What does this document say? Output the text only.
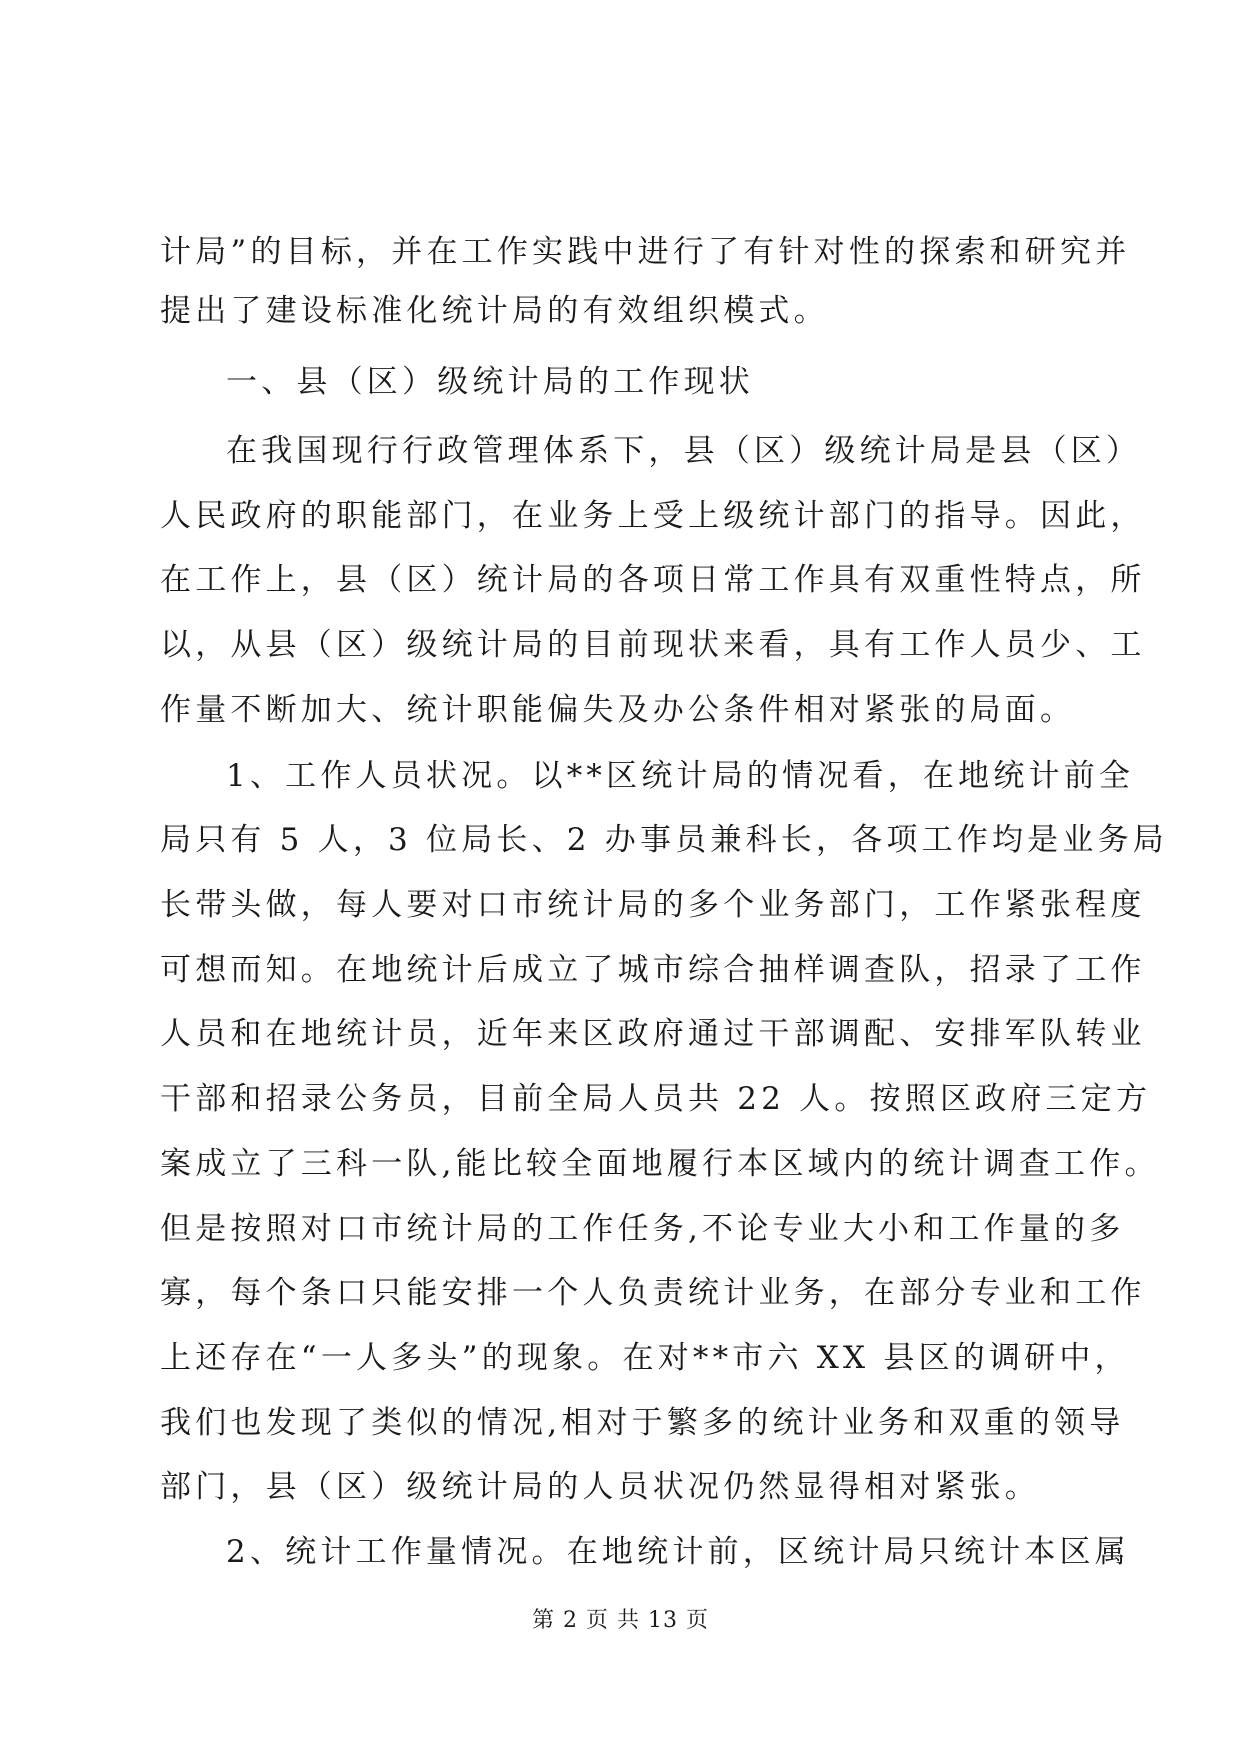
计局”的目标，并在工作实践中进行了有针对性的探索和研究并
提出了建设标准化统计局的有效组织模式。
一、县（区）级统计局的工作现状
在我国现行行政管理体系下，县（区）级统计局是县（区）
人民政府的职能部门，在业务上受上级统计部门的指导。因此，
在工作上，县（区）统计局的各项日常工作具有双重性特点，所
以，从县（区）级统计局的目前现状来看，具有工作人员少、工
作量不断加大、统计职能偏失及办公条件相对紧张的局面。
1、工作人员状况。以**区统计局的情况看，在地统计前全
局只有 5 人，3 位局长、2 办事员兼科长，各项工作均是业务局
长带头做，每人要对口市统计局的多个业务部门，工作紧张程度
可想而知。在地统计后成立了城市综合抽样调查队，招录了工作
人员和在地统计员，近年来区政府通过干部调配、安排军队转业
干部和招录公务员，目前全局人员共 22 人。按照区政府三定方
案成立了三科一队,能比较全面地履行本区域内的统计调查工作。
但是按照对口市统计局的工作任务,不论专业大小和工作量的多
寡，每个条口只能安排一个人负责统计业务，在部分专业和工作
上还存在“一人多头”的现象。在对**市六 XX 县区的调研中，
我们也发现了类似的情况,相对于繁多的统计业务和双重的领导
部门，县（区）级统计局的人员状况仍然显得相对紧张。
2、统计工作量情况。在地统计前，区统计局只统计本区属
第 2 页 共 13 页
